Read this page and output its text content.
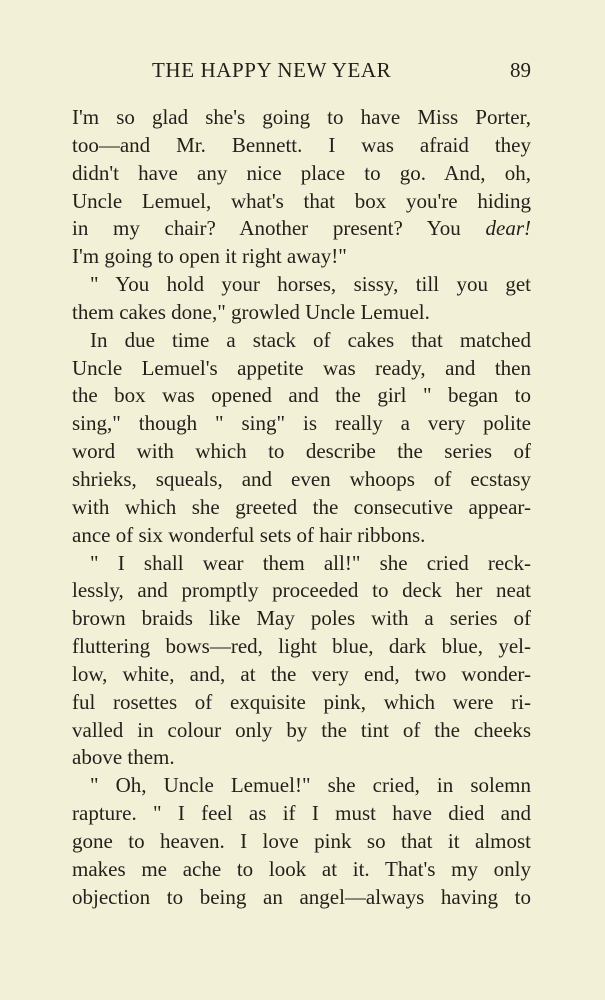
THE HAPPY NEW YEAR	89
I'm so glad she's going to have Miss Porter,
too—and Mr. Bennett. I was afraid they
didn't have any nice place to go. And, oh,
Uncle Lemuel, what's that box you're hiding
in my chair? Another present? You dear!
I'm going to open it right away!"
" You hold your horses, sissy, till you get
them cakes done," growled Uncle Lemuel.
In due time a stack of cakes that matched
Uncle Lemuel's appetite was ready, and then
the box was opened and the girl " began to
sing," though " sing" is really a very polite
word with which to describe the series of
shrieks, squeals, and even whoops of ecstasy
with which she greeted the consecutive appear-
ance of six wonderful sets of hair ribbons.
" I shall wear them all!" she cried reck-
lessly, and promptly proceeded to deck her neat
brown braids like May poles with a series of
fluttering bows—red, light blue, dark blue, yel-
low, white, and, at the very end, two wonder-
ful rosettes of exquisite pink, which were ri-
valled in colour only by the tint of the cheeks
above them.
" Oh, Uncle Lemuel!" she cried, in solemn
rapture. " I feel as if I must have died and
gone to heaven. I love pink so that it almost
makes me ache to look at it. That's my only
objection to being an angel—always having to
